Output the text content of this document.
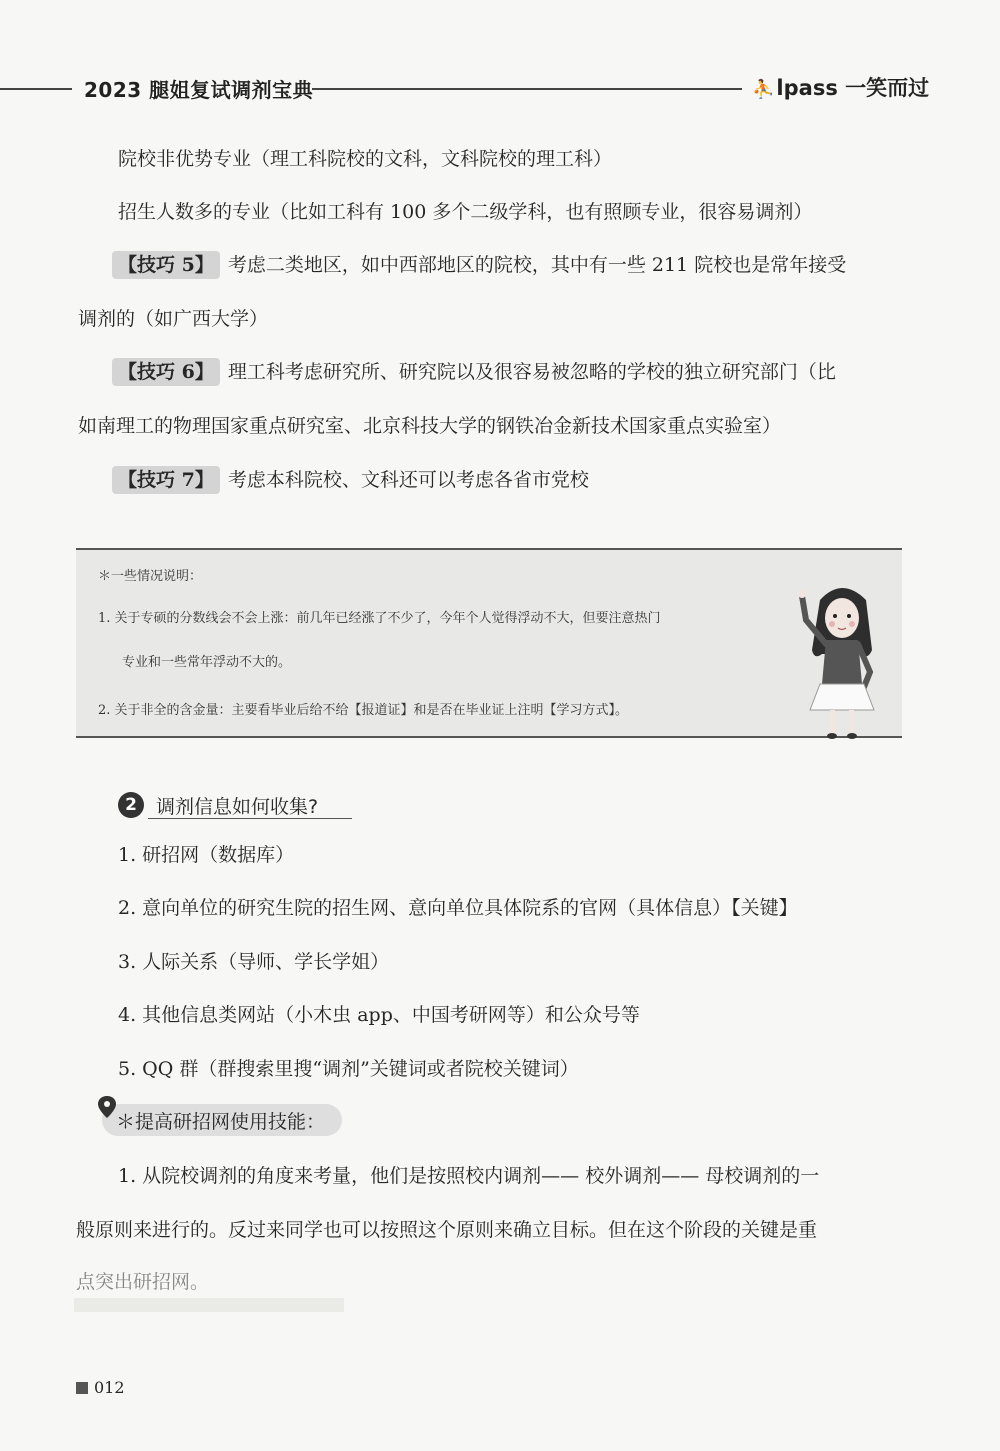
2023 腿姐复试调剂宝典	⛹lpass 一笑而过
院校非优势专业（理工科院校的文科，文科院校的理工科）
招生人数多的专业（比如工科有 100 多个二级学科，也有照顾专业，很容易调剂）
【技巧 5】 考虑二类地区，如中西部地区的院校，其中有一些 211 院校也是常年接受
调剂的（如广西大学）
【技巧 6】 理工科考虑研究所、研究院以及很容易被忽略的学校的独立研究部门（比
如南理工的物理国家重点研究室、北京科技大学的钢铁冶金新技术国家重点实验室）
【技巧 7】 考虑本科院校、文科还可以考虑各省市党校
＊一些情况说明：
1. 关于专硕的分数线会不会上涨：前几年已经涨了不少了，今年个人觉得浮动不大，但要注意热门
专业和一些常年浮动不大的。
2. 关于非全的含金量：主要看毕业后给不给【报道证】和是否在毕业证上注明【学习方式】。
2	调剂信息如何收集?
1. 研招网（数据库）
2. 意向单位的研究生院的招生网、意向单位具体院系的官网（具体信息）【关键】
3. 人际关系（导师、学长学姐）
4. 其他信息类网站（小木虫 app、中国考研网等）和公众号等
5. QQ 群（群搜索里搜“调剂”关键词或者院校关键词）
＊提高研招网使用技能：
1. 从院校调剂的角度来考量，他们是按照校内调剂—— 校外调剂—— 母校调剂的一
般原则来进行的。反过来同学也可以按照这个原则来确立目标。但在这个阶段的关键是重
点突出研招网。
012
